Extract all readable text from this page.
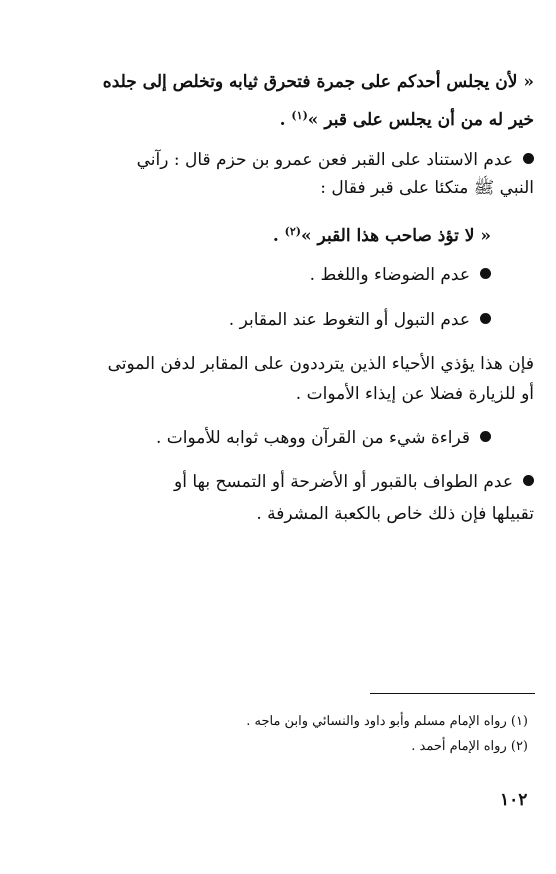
« لأن يجلس أحدكم على جمرة فتحرق ثيابه وتخلص إلى جلده
خير له من أن يجلس على قبر »$^{(١)}$ .
عدم الاستناد على القبر فعن عمرو بن حزم قال : رآني
النبي ﷺ متكئا على قبر فقال :
« لا تؤذ صاحب هذا القبر »$^{(٢)}$ .
عدم الضوضاء واللغط .
عدم التبول أو التغوط عند المقابر .
فإن هذا يؤذي الأحياء الذين يترددون على المقابر لدفن الموتى
أو للزيارة فضلا عن إيذاء الأموات .
قراءة شيء من القرآن ووهب ثوابه للأموات .
عدم الطواف بالقبور أو الأضرحة أو التمسح بها أو
تقبيلها فإن ذلك خاص بالكعبة المشرفة .
(١) رواه الإمام مسلم وأبو داود والنسائي وابن ماجه .
(٢) رواه الإمام أحمد .
١٠٢
